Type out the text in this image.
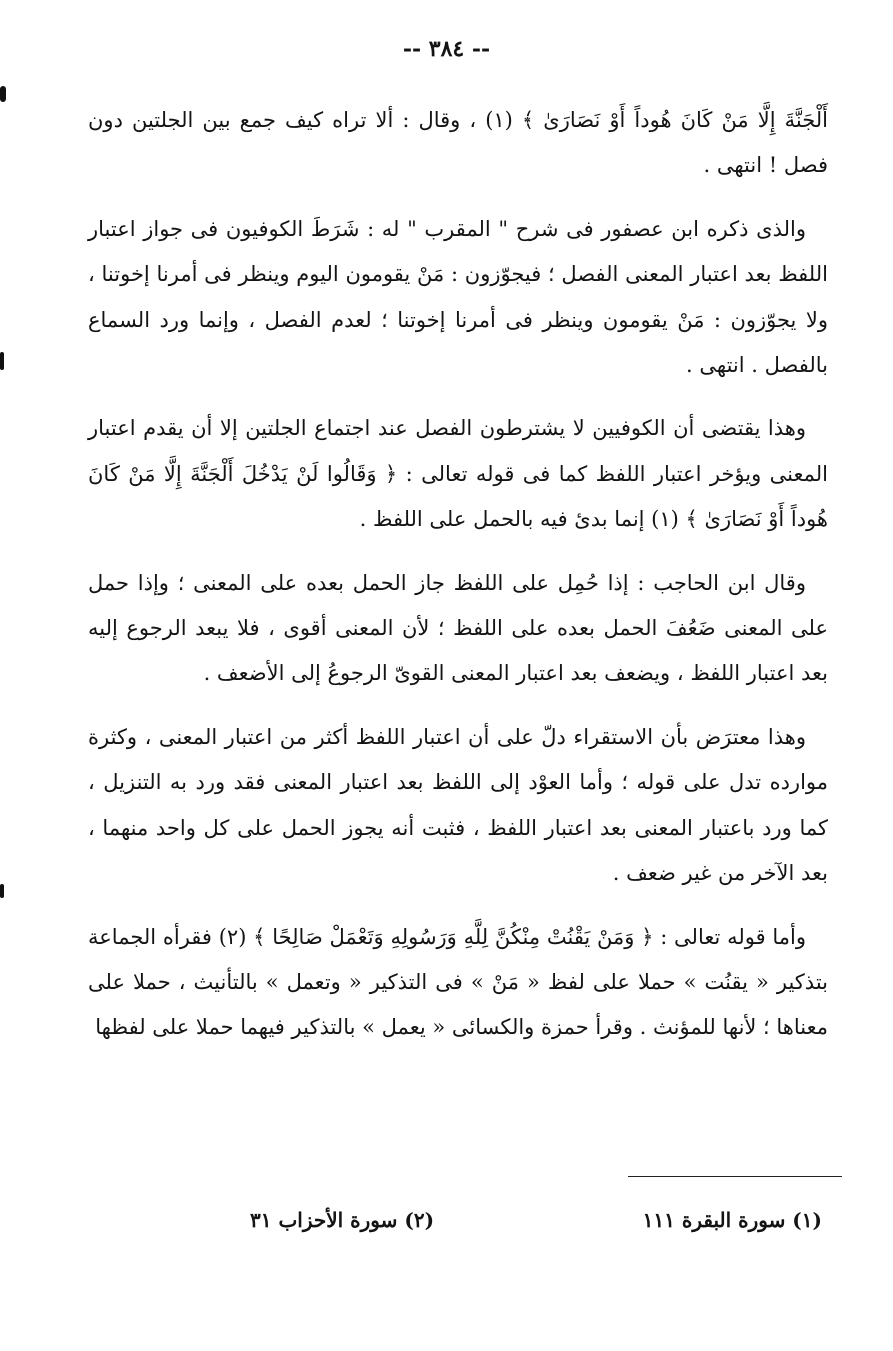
-- ٣٨٤ --

أَلْجَنَّةَ إِلَّا مَنْ كَانَ هُوداً أَوْ نَصَارَىٰ ﴾ (١) ، وقال : ألا تراه كيف جمع بين الجلتين دون فصل ! انتهى .

والذى ذكره ابن عصفور فى شرح " المقرب " له : شَرَطَ الكوفيون فى جواز اعتبار اللفظ بعد اعتبار المعنى الفصل ؛ فيجوّزون : مَنْ يقومون اليوم وينظر فى أمرنا إخوتنا ، ولا يجوّزون : مَنْ يقومون وينظر فى أمرنا إخوتنا ؛ لعدم الفصل ، وإنما ورد السماع بالفصل . انتهى .

وهذا يقتضى أن الكوفيين لا يشترطون الفصل عند اجتماع الجلتين إلا أن يقدم اعتبار المعنى ويؤخر اعتبار اللفظ كما فى قوله تعالى : ﴿ وَقَالُوا لَنْ يَدْخُلَ أَلْجَنَّةَ إِلَّا مَنْ كَانَ هُوداً أَوْ نَصَارَىٰ ﴾ (١) إنما بدئ فيه بالحمل على اللفظ .

وقال ابن الحاجب : إذا حُمِل على اللفظ جاز الحمل بعده على المعنى ؛ وإذا حمل على المعنى ضَعُفَ الحمل بعده على اللفظ ؛ لأن المعنى أقوى ، فلا يبعد الرجوع إليه بعد اعتبار اللفظ ، ويضعف بعد اعتبار المعنى القوىّ الرجوعُ إلى الأضعف .

وهذا معترَض بأن الاستقراء دلّ على أن اعتبار اللفظ أكثر من اعتبار المعنى ، وكثرة موارده تدل على قوله ؛ وأما العوْد إلى اللفظ بعد اعتبار المعنى فقد ورد به التنزيل ، كما ورد باعتبار المعنى بعد اعتبار اللفظ ، فثبت أنه يجوز الحمل على كل واحد منهما ، بعد الآخر من غير ضعف .

وأما قوله تعالى : ﴿ وَمَنْ يَقْنُتْ مِنْكُنَّ لِلَّهِ وَرَسُولِهِ وَتَعْمَلْ صَالِحًا ﴾ (٢) فقرأه الجماعة بتذكير « يقنُت » حملا على لفظ « مَنْ » فى التذكير « وتعمل » بالتأنيث ، حملا على معناها ؛ لأنها للمؤنث . وقرأ حمزة والكسائى « يعمل » بالتذكير فيهما حملا على لفظها

(١) سورة البقرة ١١١
(٢) سورة الأحزاب ٣١
